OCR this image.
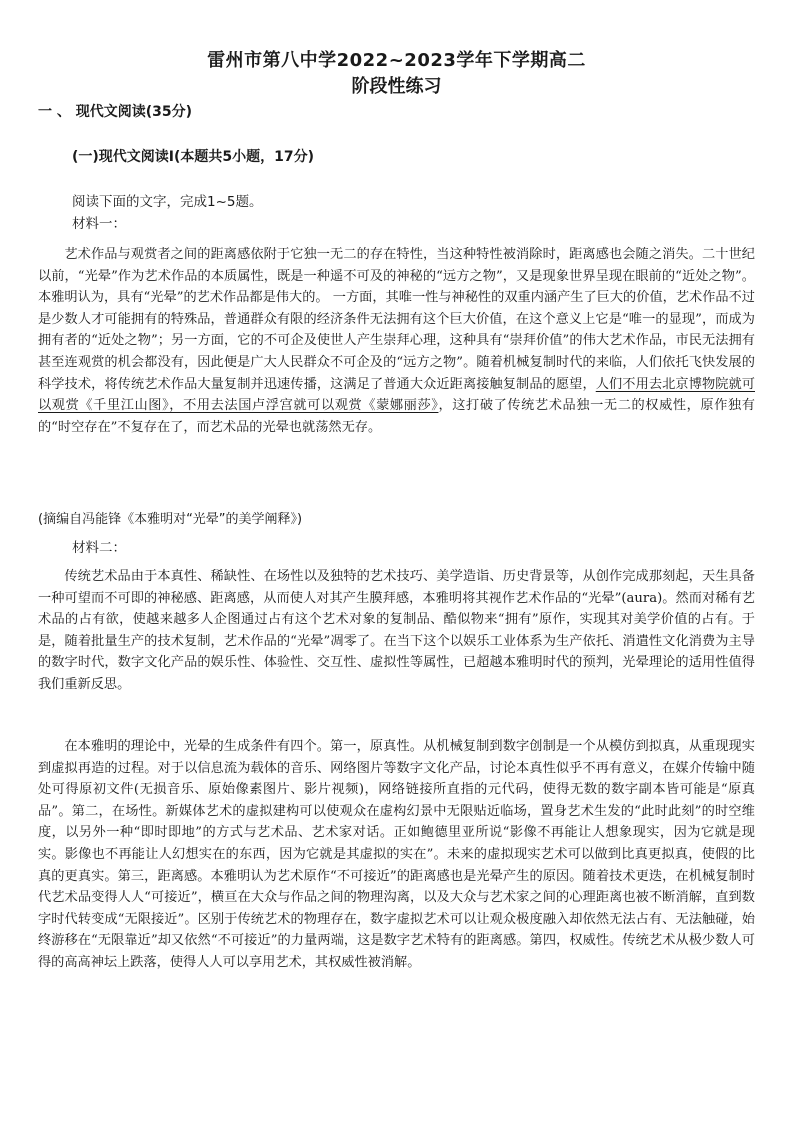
雷州市第八中学2022~2023学年下学期高二
阶段性练习
一 、 现代文阅读(35分)
(一)现代文阅读Ⅰ(本题共5小题，17分)
阅读下面的文字，完成1~5题。
材料一：
艺术作品与观赏者之间的距离感依附于它独一无二的存在特性，当这种特性被消除时，距离感也会随之消失。二十世纪以前，“光晕”作为艺术作品的本质属性，既是一种遥不可及的神秘的“远方之物”，又是现象世界呈现在眼前的“近处之物”。本雅明认为，具有“光晕”的艺术作品都是伟大的。 一方面，其唯一性与神秘性的双重内涵产生了巨大的价值，艺术作品不过是少数人才可能拥有的特殊品，普通群众有限的经济条件无法拥有这个巨大价值，在这个意义上它是“唯一的显现”，而成为拥有者的“近处之物”；另一方面，它的不可企及使世人产生崇拜心理，这种具有“崇拜价值”的伟大艺术作品，市民无法拥有甚至连观赏的机会都没有，因此便是广大人民群众不可企及的“远方之物”。随着机械复制时代的来临，人们依托飞快发展的科学技术，将传统艺术作品大量复制并迅速传播，这满足了普通大众近距离接触复制品的愿望，人们不用去北京博物院就可以观赏《千里江山图》，不用去法国卢浮宫就可以观赏《蒙娜丽莎》，这打破了传统艺术品独一无二的权威性，原作独有的“时空存在”不复存在了，而艺术品的光晕也就荡然无存。
(摘编自冯能锋《本雅明对“光晕”的美学阐释》)
材料二：
传统艺术品由于本真性、稀缺性、在场性以及独特的艺术技巧、美学造诣、历史背景等，从创作完成那刻起，天生具备一种可望而不可即的神秘感、距离感，从而使人对其产生膜拜感，本雅明将其视作艺术作品的“光晕”(aura)。然而对稀有艺术品的占有欲，使越来越多人企图通过占有这个艺术对象的复制品、酷似物来“拥有”原作，实现其对美学价值的占有。于是，随着批量生产的技术复制，艺术作品的“光晕”凋零了。在当下这个以娱乐工业体系为生产依托、消遣性文化消费为主导的数字时代，数字文化产品的娱乐性、体验性、交互性、虚拟性等属性，已超越本雅明时代的预判，光晕理论的适用性值得我们重新反思。
在本雅明的理论中，光晕的生成条件有四个。第一，原真性。从机械复制到数字创制是一个从模仿到拟真，从重现现实到虚拟再造的过程。对于以信息流为载体的音乐、网络图片等数字文化产品，讨论本真性似乎不再有意义，在媒介传输中随处可得原初文件(无损音乐、原始像素图片、影片视频)，网络链接所直指的元代码，使得无数的数字副本皆可能是“原真品”。第二，在场性。新媒体艺术的虚拟建构可以使观众在虚构幻景中无限贴近临场，置身艺术生发的“此时此刻”的时空维度，以另外一种“即时即地”的方式与艺术品、艺术家对话。正如鲍德里亚所说“影像不再能让人想象现实，因为它就是现实。影像也不再能让人幻想实在的东西，因为它就是其虚拟的实在”。未来的虚拟现实艺术可以做到比真更拟真，使假的比真的更真实。第三，距离感。本雅明认为艺术原作“不可接近”的距离感也是光晕产生的原因。随着技术更迭，在机械复制时代艺术品变得人人“可接近”，横亘在大众与作品之间的物理沟离，以及大众与艺术家之间的心理距离也被不断消解，直到数字时代转变成“无限接近”。区别于传统艺术的物理存在，数字虚拟艺术可以让观众极度融入却依然无法占有、无法触碰，始终游移在“无限靠近”却又依然“不可接近”的力量两端，这是数字艺术特有的距离感。第四，权威性。传统艺术从极少数人可得的高高神坛上跌落，使得人人可以享用艺术，其权威性被消解。
